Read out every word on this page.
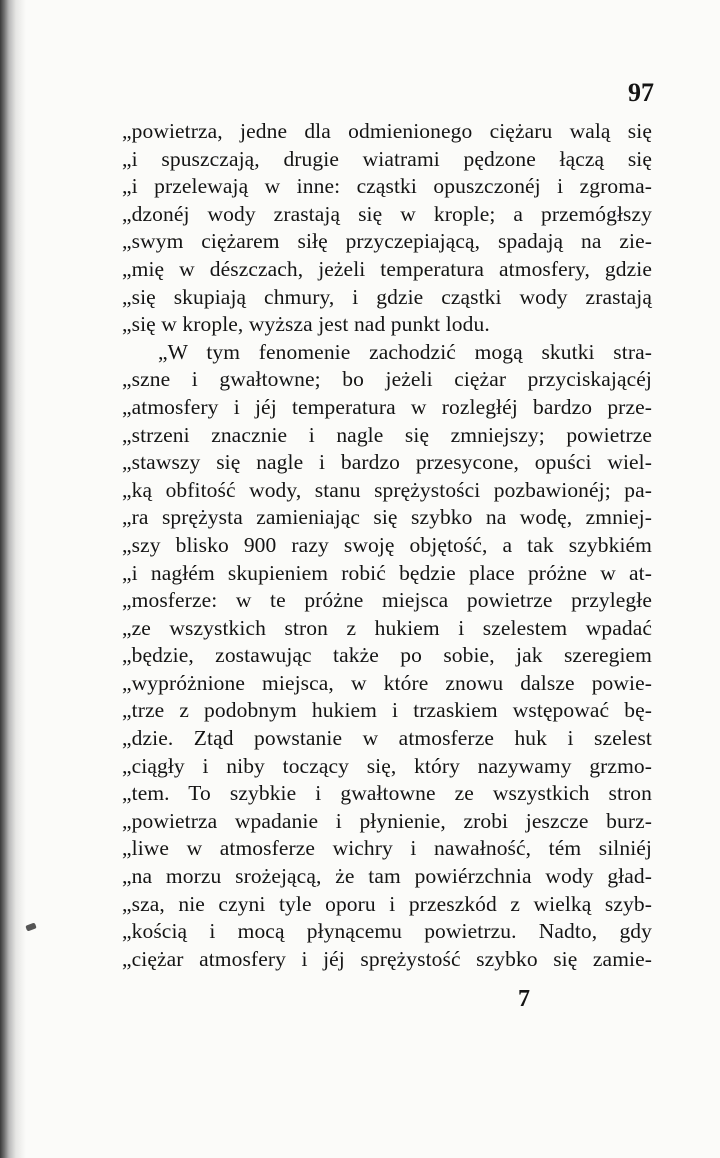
97

„powietrza, jedne dla odmienionego ciężaru walą się
„i spuszczają, drugie wiatrami pędzone łączą się
„i przelewają w inne: cząstki opuszczonéj i zgroma-
„dzonéj wody zrastają się w krople; a przemógłszy
„swym ciężarem siłę przyczepiającą, spadają na zie-
„mię w dészczach, jeżeli temperatura atmosfery, gdzie
„się skupiają chmury, i gdzie cząstki wody zrastają
„się w krople, wyższa jest nad punkt lodu.
„W tym fenomenie zachodzić mogą skutki stra-
„szne i gwałtowne; bo jeżeli ciężar przyciskającéj
„atmosfery i jéj temperatura w rozległéj bardzo prze-
„strzeni znacznie i nagle się zmniejszy; powietrze
„stawszy się nagle i bardzo przesycone, opuści wiel-
„ką obfitość wody, stanu sprężystości pozbawionéj; pa-
„ra sprężysta zamieniając się szybko na wodę, zmniej-
„szy blisko 900 razy swoję objętość, a tak szybkiém
„i nagłém skupieniem robić będzie place próżne w at-
„mosferze: w te próżne miejsca powietrze przyległe
„ze wszystkich stron z hukiem i szelestem wpadać
„będzie, zostawując także po sobie, jak szeregiem
„wypróżnione miejsca, w które znowu dalsze powie-
„trze z podobnym hukiem i trzaskiem wstępować bę-
„dzie. Ztąd powstanie w atmosferze huk i szelest
„ciągły i niby toczący się, który nazywamy grzmo-
„tem. To szybkie i gwałtowne ze wszystkich stron
„powietrza wpadanie i płynienie, zrobi jeszcze burz-
„liwe w atmosferze wichry i nawałność, tém silniéj
„na morzu srożejącą, że tam powiérzchnia wody gład-
„sza, nie czyni tyle oporu i przeszkód z wielką szyb-
„kością i mocą płynącemu powietrzu. Nadto, gdy
„ciężar atmosfery i jéj sprężystość szybko się zamie-

7
